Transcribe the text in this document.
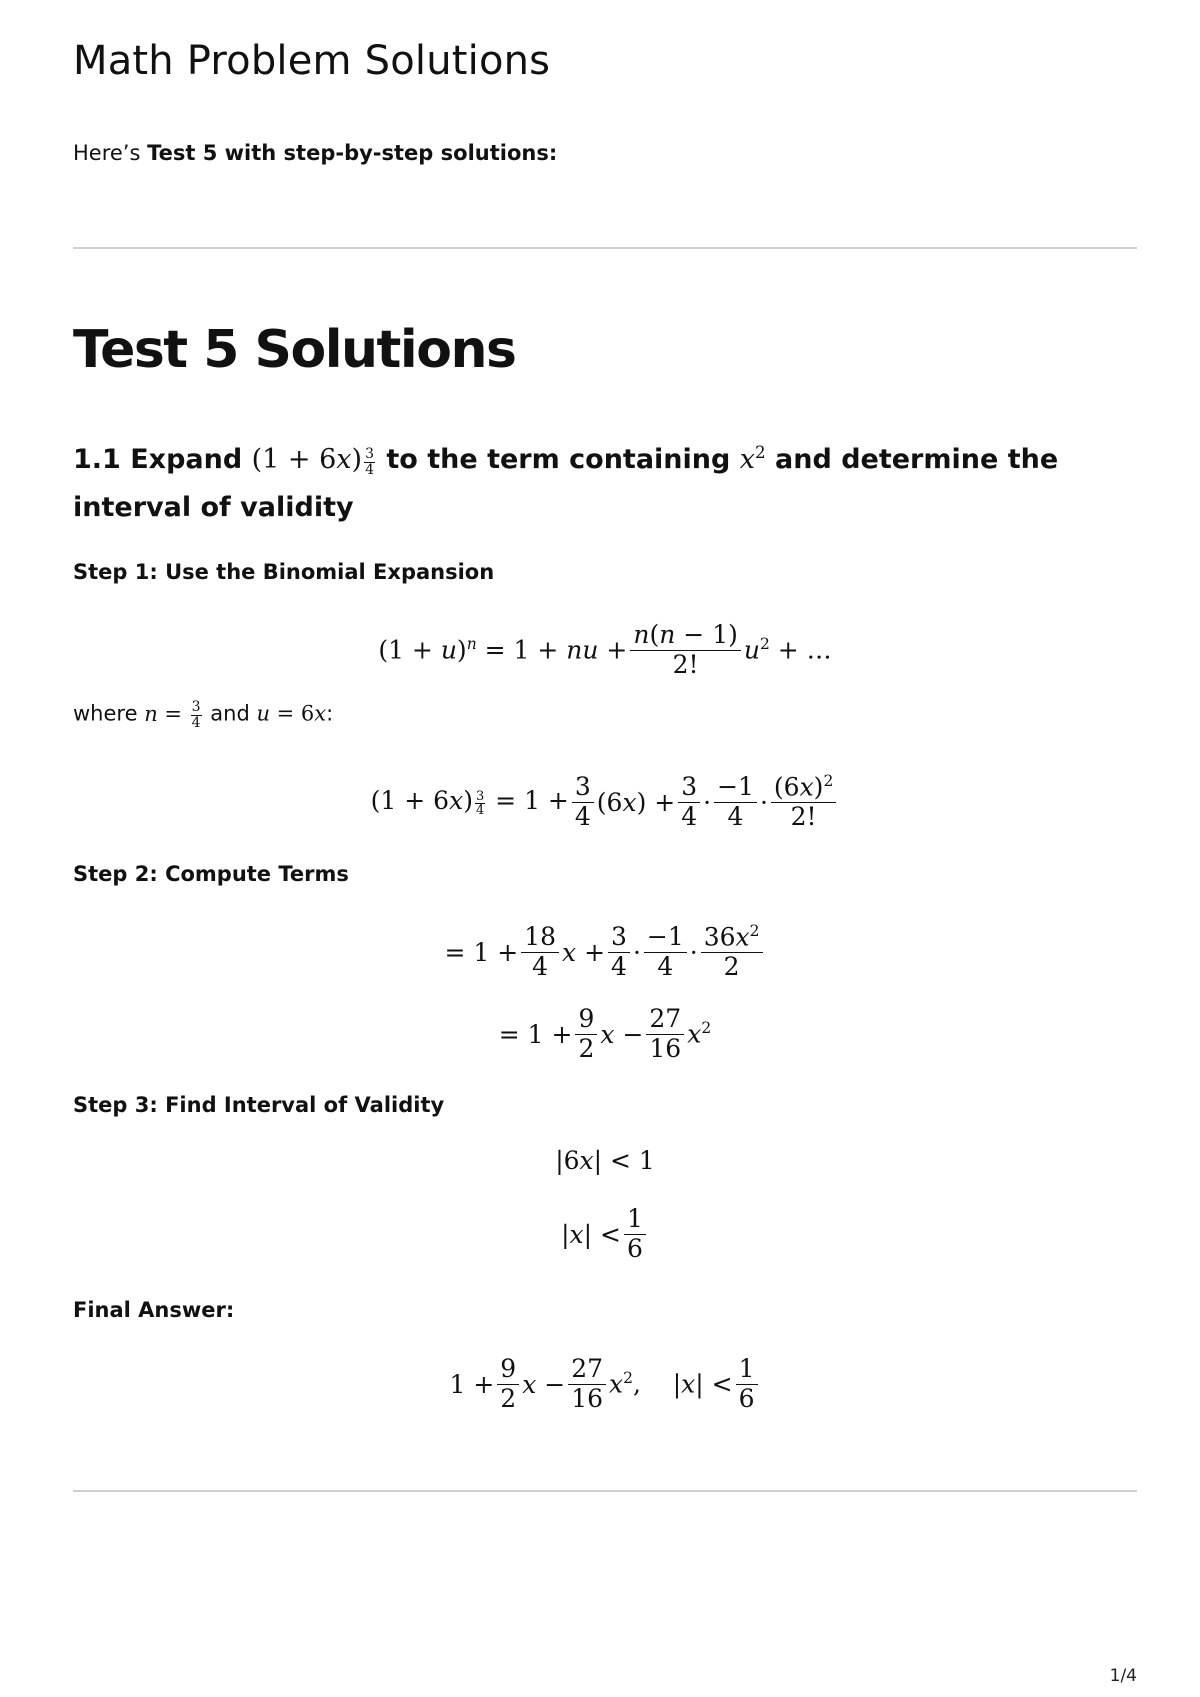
Math Problem Solutions
Here’s Test 5 with step-by-step solutions:
Test 5 Solutions
1.1 Expand (1 + 6x) $^{\frac{3}{4}}$ to the term containing $x^2$ and determine the interval of validity
Step 1: Use the Binomial Expansion
$(1 + u)^n = 1$ + nu + $\frac{n(n - 1)}{2!} u^2$ + …
where $n = \frac{3}{4}$ and u = 6x:
(1 + 6x) $^{\frac{3}{4}} = 1 + \frac{3}{4} (6x) + \frac{3}{4} \cdot \frac{-1}{4} \cdot \frac{(6x)^2}{2!}$
Step 2: Compute Terms
= $1 + \frac{18}{4}$ $x + \frac{3}{4} \cdot \frac{-1}{4} \cdot \frac{36x^2}{2}$
= $1 + \frac{9}{2}$ $x - \frac{27}{16} x^2$
Step 3: Find Interval of Validity
|6x| < 1
$|x| < \frac{1}{6}$
Final Answer:
$1 + \frac{9}{2}$ $x - \frac{27}{16} x^2$,    $|x| < \frac{1}{6}$
1/4
